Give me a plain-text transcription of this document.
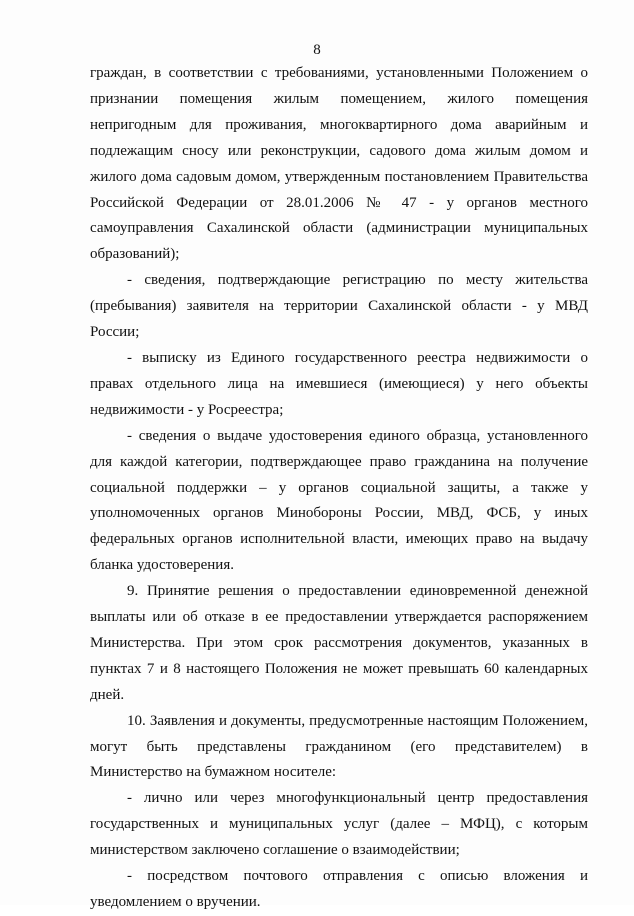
8

граждан, в соответствии с требованиями, установленными Положением о признании помещения жилым помещением, жилого помещения непригодным для проживания, многоквартирного дома аварийным и подлежащим сносу или реконструкции, садового дома жилым домом и жилого дома садовым домом, утвержденным постановлением Правительства Российской Федерации от 28.01.2006 № 47 - у органов местного самоуправления Сахалинской области (администрации муниципальных образований);

- сведения, подтверждающие регистрацию по месту жительства (пребывания) заявителя на территории Сахалинской области - у МВД России;

- выписку из Единого государственного реестра недвижимости о правах отдельного лица на имевшиеся (имеющиеся) у него объекты недвижимости - у Росреестра;

- сведения о выдаче удостоверения единого образца, установленного для каждой категории, подтверждающее право гражданина на получение социальной поддержки – у органов социальной защиты, а также у уполномоченных органов Минобороны России, МВД, ФСБ, у иных федеральных органов исполнительной власти, имеющих право на выдачу бланка удостоверения.

9. Принятие решения о предоставлении единовременной денежной выплаты или об отказе в ее предоставлении утверждается распоряжением Министерства. При этом срок рассмотрения документов, указанных в пунктах 7 и 8 настоящего Положения не может превышать 60 календарных дней.

10. Заявления и документы, предусмотренные настоящим Положением, могут быть представлены гражданином (его представителем) в Министерство на бумажном носителе:

- лично или через многофункциональный центр предоставления государственных и муниципальных услуг (далее – МФЦ), с которым министерством заключено соглашение о взаимодействии;

- посредством почтового отправления с описью вложения и уведомлением о вручении.
